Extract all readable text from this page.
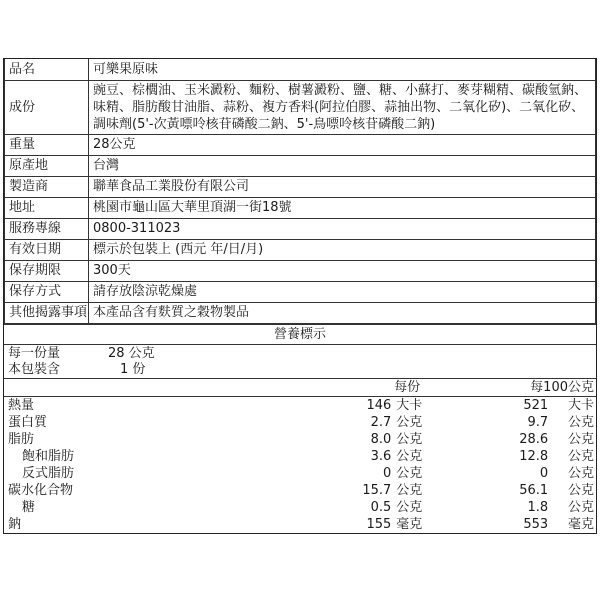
品名	可樂果原味
成份	豌豆、棕櫚油、玉米澱粉、麵粉、樹薯澱粉、鹽、糖、小蘇打、麥芽糊精、碳酸氫鈉、味精、脂肪酸甘油脂、蒜粉、複方香料(阿拉伯膠、蒜抽出物、二氧化矽)、二氧化矽、調味劑(5'-次黃嘌呤核苷磷酸二鈉、5'-鳥嘌呤核苷磷酸二鈉)
重量	28公克
原產地	台灣
製造商	聯華食品工業股份有限公司
地址	桃園市龜山區大華里頂湖一街18號
服務專線	0800-311023
有效日期	標示於包裝上 (西元 年/日/月)
保存期限	300天
保存方式	請存放陰涼乾燥處
其他揭露事項	本產品含有麩質之穀物製品
營養標示
每一份量	28 公克
本包裝含	1 份
	每份		每100公克	
熱量	146	大卡	521	大卡
蛋白質	2.7	公克	9.7	公克
脂肪	8.0	公克	28.6	公克
飽和脂肪	3.6	公克	12.8	公克
反式脂肪	0	公克	0	公克
碳水化合物	15.7	公克	56.1	公克
糖	0.5	公克	1.8	公克
鈉	155	毫克	553	毫克
